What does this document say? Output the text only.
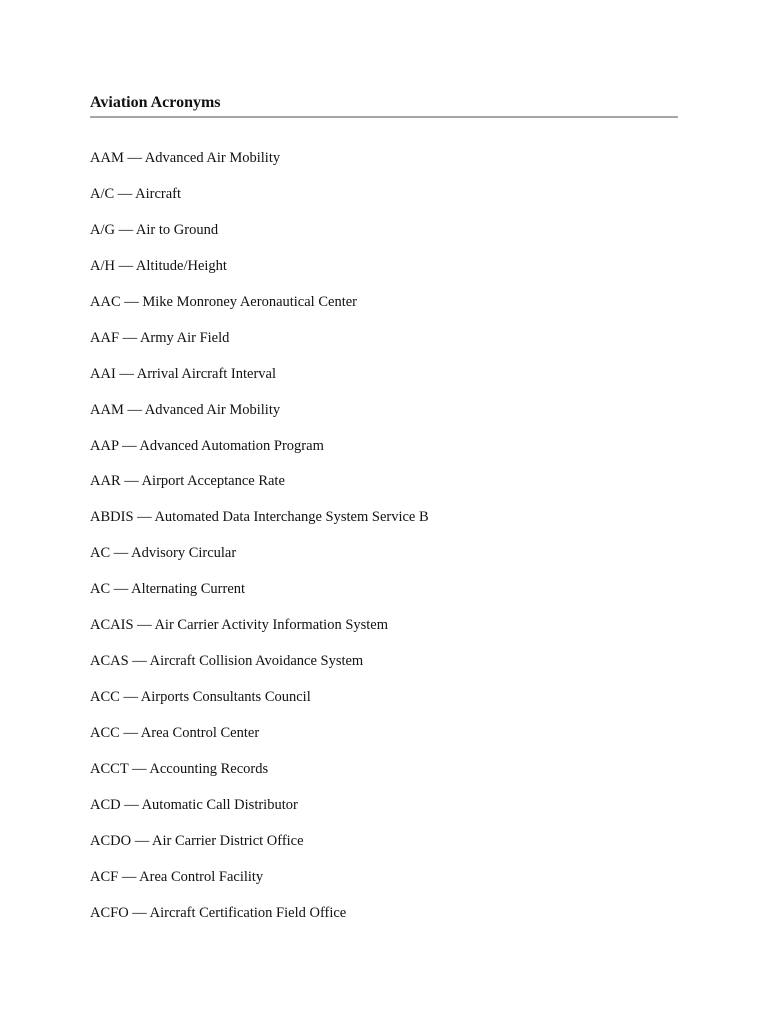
Aviation Acronyms
AAM — Advanced Air Mobility
A/C — Aircraft
A/G — Air to Ground
A/H — Altitude/Height
AAC — Mike Monroney Aeronautical Center
AAF — Army Air Field
AAI — Arrival Aircraft Interval
AAM — Advanced Air Mobility
AAP — Advanced Automation Program
AAR — Airport Acceptance Rate
ABDIS — Automated Data Interchange System Service B
AC — Advisory Circular
AC — Alternating Current
ACAIS — Air Carrier Activity Information System
ACAS — Aircraft Collision Avoidance System
ACC — Airports Consultants Council
ACC — Area Control Center
ACCT — Accounting Records
ACD — Automatic Call Distributor
ACDO — Air Carrier District Office
ACF — Area Control Facility
ACFO — Aircraft Certification Field Office
